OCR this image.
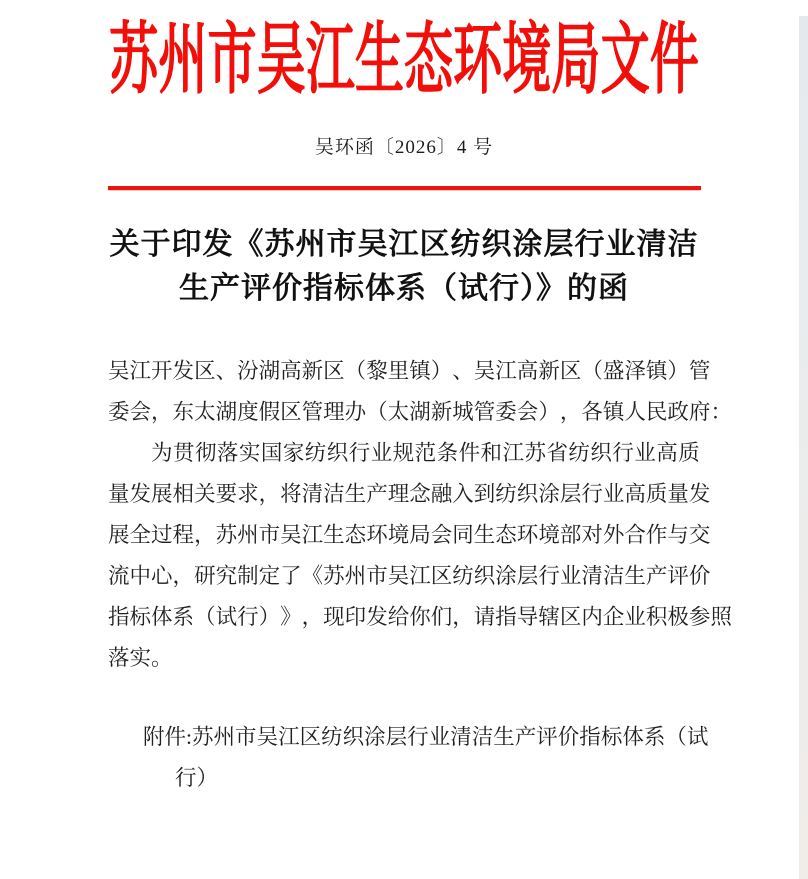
苏州市吴江生态环境局文件
吴环函〔2026〕4 号
关于印发《苏州市吴江区纺织涂层行业清洁
生产评价指标体系（试行）》的函
吴 江 开 发 区 、 汾 湖 高 新 区 （ 黎 里 镇 ） 、 吴 江 高 新 区 （ 盛 泽 镇 ） 管
委 会 ， 东 太 湖 度 假 区 管 理 办 （ 太 湖 新 城 管 委 会 ） ， 各 镇 人 民 政 府 ：
为 贯 彻 落 实 国 家 纺 织 行 业 规 范 条 件 和 江 苏 省 纺 织 行 业 高 质
量 发 展 相 关 要 求 ， 将 清 洁 生 产 理 念 融 入 到 纺 织 涂 层 行 业 高 质 量 发
展 全 过 程 ， 苏 州 市 吴 江 生 态 环 境 局 会 同 生 态 环 境 部 对 外 合 作 与 交
流 中 心 ， 研 究 制 定 了 《 苏 州 市 吴 江 区 纺 织 涂 层 行 业 清 洁 生 产 评 价
指 标 体 系 （ 试 行 ） 》 ， 现 印 发 给 你 们 ， 请 指 导 辖 区 内 企 业 积 极 参 照
落实。
附 件 : 苏 州 市 吴 江 区 纺 织 涂 层 行 业 清 洁 生 产 评 价 指 标 体 系 （ 试
行）
